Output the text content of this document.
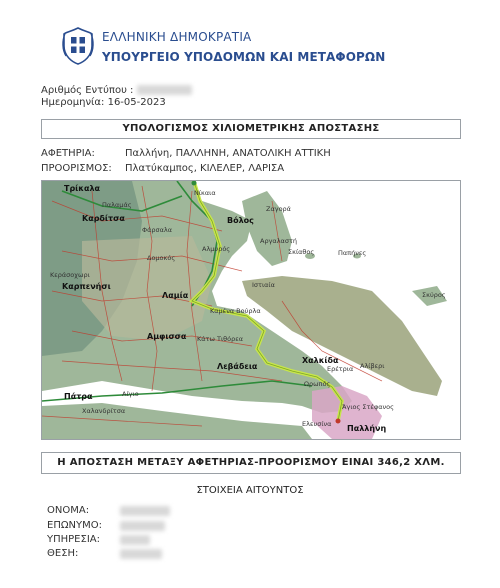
ΕΛΛΗΝΙΚΗ ΔΗΜΟΚΡΑΤΙΑ
ΥΠΟΥΡΓΕΙΟ ΥΠΟΔΟΜΩΝ ΚΑΙ ΜΕΤΑΦΟΡΩΝ
Αριθμός Εντύπου :
Ημερομηνία: 16-05-2023
ΥΠΟΛΟΓΙΣΜΟΣ ΧΙΛΙΟΜΕΤΡΙΚΗΣ ΑΠΟΣΤΑΣΗΣ
ΑΦΕΤΗΡΙΑ:	Παλλήνη, ΠΑΛΛΗΝΗ, ΑΝΑΤΟΛΙΚΗ ΑΤΤΙΚΗ
ΠΡΟΟΡΙΣΜΟΣ: Πλατύκαμπος, ΚΙΛΕΛΕΡ, ΛΑΡΙΣΑ
Τρίκαλα
Βόλος
Καρδίτσα
Φάρσαλα
Δομοκός
Αλμυρός
Αργαλαστή
Σκίαθος	Παπήνες
Καρπενήσι
Λαμία
Καμένα Βούρλα
Ιστιαία
Σκύρος
Αμφισσα
Λεβάδεια
Χαλκίδα
Πάτρα	Αίγιο
Ελευσίνα Παλλήνη
Ωρωπός
Κεράσοχωρι
Ζαγορά
Νίκαια
Παλαμάς
Κάτω Τιθόρεα
Άγιος Στέφανος
Ερέτρια Αλίβερι
Χαλανδρίτσα
Η ΑΠΟΣΤΑΣΗ ΜΕΤΑΞΥ ΑΦΕΤΗΡΙΑΣ-ΠΡΟΟΡΙΣΜΟΥ ΕΙΝΑΙ 346,2 ΧΛΜ.
ΣΤΟΙΧΕΙΑ ΑΙΤΟΥΝΤΟΣ
ΟΝΟΜΑ:
ΕΠΩΝΥΜΟ:
ΥΠΗΡΕΣΙΑ:
ΘΕΣΗ:
